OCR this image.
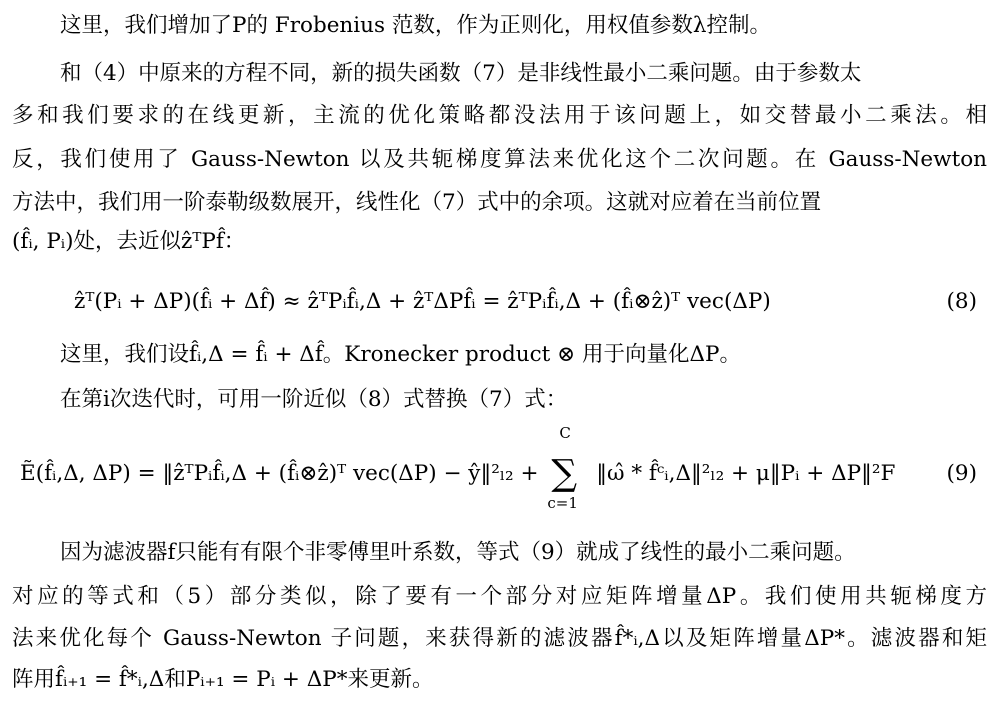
这里，我们增加了P的 Frobenius 范数，作为正则化，用权值参数λ控制。
和（4）中原来的方程不同，新的损失函数（7）是非线性最小二乘问题。由于参数太
多和我们要求的在线更新，主流的优化策略都没法用于该问题上，如交替最小二乘法。相
反，我们使用了 Gauss-Newton 以及共轭梯度算法来优化这个二次问题。在 Gauss-Newton
方法中，我们用一阶泰勒级数展开，线性化（7）式中的余项。这就对应着在当前位置
(f̂ᵢ, Pᵢ)处，去近似ẑᵀPf̂：
ẑᵀ(Pᵢ + ΔP)(f̂ᵢ + Δf̂) ≈ ẑᵀPᵢf̂ᵢ,Δ + ẑᵀΔPf̂ᵢ = ẑᵀPᵢf̂ᵢ,Δ + (f̂ᵢ⊗ẑ)ᵀ vec(ΔP)	(8)
这里，我们设f̂ᵢ,Δ = f̂ᵢ + Δf̂。Kronecker product ⊗ 用于向量化ΔP。
在第i次迭代时，可用一阶近似（8）式替换（7）式：
Ẽ(f̂ᵢ,Δ, ΔP) = ‖ẑᵀPᵢf̂ᵢ,Δ + (f̂ᵢ⊗ẑ)ᵀ vec(ΔP) − ŷ‖²ₗ₂ +
C
∑
c=1
‖ω̂ * f̂ᶜᵢ,Δ‖²ₗ₂ + μ‖Pᵢ + ΔP‖²F (9)
因为滤波器f只能有有限个非零傅里叶系数，等式（9）就成了线性的最小二乘问题。
对应的等式和（5）部分类似，除了要有一个部分对应矩阵增量ΔP。我们使用共轭梯度方
法来优化每个 Gauss-Newton 子问题，来获得新的滤波器f̂*ᵢ,Δ以及矩阵增量ΔP*。滤波器和矩
阵用f̂ᵢ₊₁ = f̂*ᵢ,Δ和Pᵢ₊₁ = Pᵢ + ΔP*来更新。
